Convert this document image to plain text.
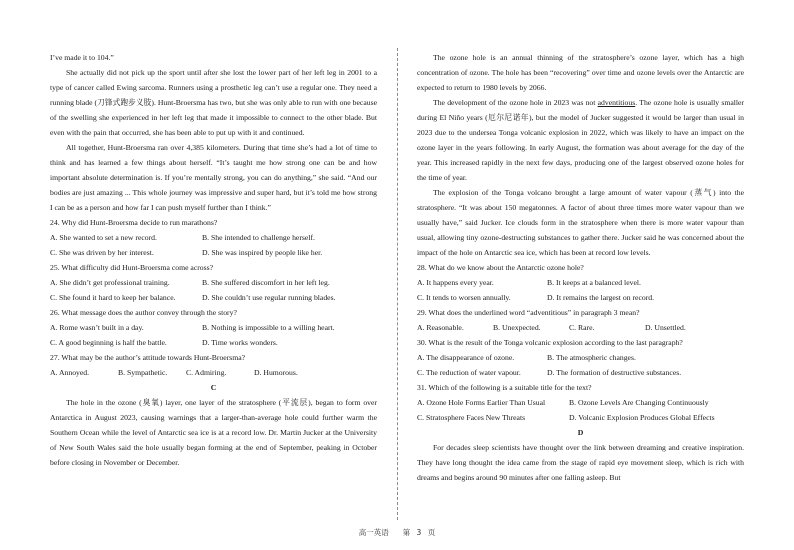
I’ve made it to 104.”

She actually did not pick up the sport until after she lost the lower part of her left leg in 2001 to a type of cancer called Ewing sarcoma. Runners using a prosthetic leg can’t use a regular one. They need a running blade (刀锋式跑步义肢). Hunt-Broersma has two, but she was only able to run with one because of the swelling she experienced in her left leg that made it impossible to connect to the other blade. But even with the pain that occurred, she has been able to put up with it and continued.

All together, Hunt-Broersma ran over 4,385 kilometers. During that time she’s had a lot of time to think and has learned a few things about herself. “It’s taught me how strong one can be and how important absolute determination is. If you’re mentally strong, you can do anything,” she said. “And our bodies are just amazing ... This whole journey was impressive and super hard, but it’s told me how strong I can be as a person and how far I can push myself further than I think.”

24. Why did Hunt-Broersma decide to run marathons?

A. She wanted to set a new record.	B. She intended to challenge herself.
C. She was driven by her interest.	D. She was inspired by people like her.

25. What difficulty did Hunt-Broersma come across?

A. She didn’t get professional training.	B. She suffered discomfort in her left leg.
C. She found it hard to keep her balance.	D. She couldn’t use regular running blades.

26. What message does the author convey through the story?

A. Rome wasn’t built in a day.	B. Nothing is impossible to a willing heart.
C. A good beginning is half the battle.	D. Time works wonders.

27. What may be the author’s attitude towards Hunt-Broersma?

A. Annoyed.	B. Sympathetic.	C. Admiring.	D. Humorous.

C

The hole in the ozone (臭氧) layer, one layer of the stratosphere (平流层), began to form over Antarctica in August 2023, causing warnings that a larger-than-average hole could further warm the Southern Ocean while the level of Antarctic sea ice is at a record low. Dr. Martin Jucker at the University of New South Wales said the hole usually began forming at the end of September, peaking in October before closing in November or December.

The ozone hole is an annual thinning of the stratosphere’s ozone layer, which has a high concentration of ozone. The hole has been “recovering” over time and ozone levels over the Antarctic are expected to return to 1980 levels by 2066.

The development of the ozone hole in 2023 was not adventitious. The ozone hole is usually smaller during El Niño years (厄尔尼诺年), but the model of Jucker suggested it would be larger than usual in 2023 due to the undersea Tonga volcanic explosion in 2022, which was likely to have an impact on the ozone layer in the years following. In early August, the formation was about average for the day of the year. This increased rapidly in the next few days, producing one of the largest observed ozone holes for the time of year.

The explosion of the Tonga volcano brought a large amount of water vapour (蒸气) into the stratosphere. “It was about 150 megatonnes. A factor of about three times more water vapour than we usually have,” said Jucker. Ice clouds form in the stratosphere when there is more water vapour than usual, allowing tiny ozone-destructing substances to gather there. Jucker said he was concerned about the impact of the hole on Antarctic sea ice, which has been at record low levels.

28. What do we know about the Antarctic ozone hole?

A. It happens every year.	B. It keeps at a balanced level.
C. It tends to worsen annually.	D. It remains the largest on record.

29. What does the underlined word “adventitious” in paragraph 3 mean?

A. Reasonable.	B. Unexpected.	C. Rare.	D. Unsettled.

30. What is the result of the Tonga volcanic explosion according to the last paragraph?

A. The disappearance of ozone.	B. The atmospheric changes.
C. The reduction of water vapour.	D. The formation of destructive substances.

31. Which of the following is a suitable title for the text?

A. Ozone Hole Forms Earlier Than Usual	B. Ozone Levels Are Changing Continuously
C. Stratosphere Faces New Threats	D. Volcanic Explosion Produces Global Effects

D

For decades sleep scientists have thought over the link between dreaming and creative inspiration. They have long thought the idea came from the stage of rapid eye movement sleep, which is rich with dreams and begins around 90 minutes after one falling asleep. But

高一英语　 第 3 页
